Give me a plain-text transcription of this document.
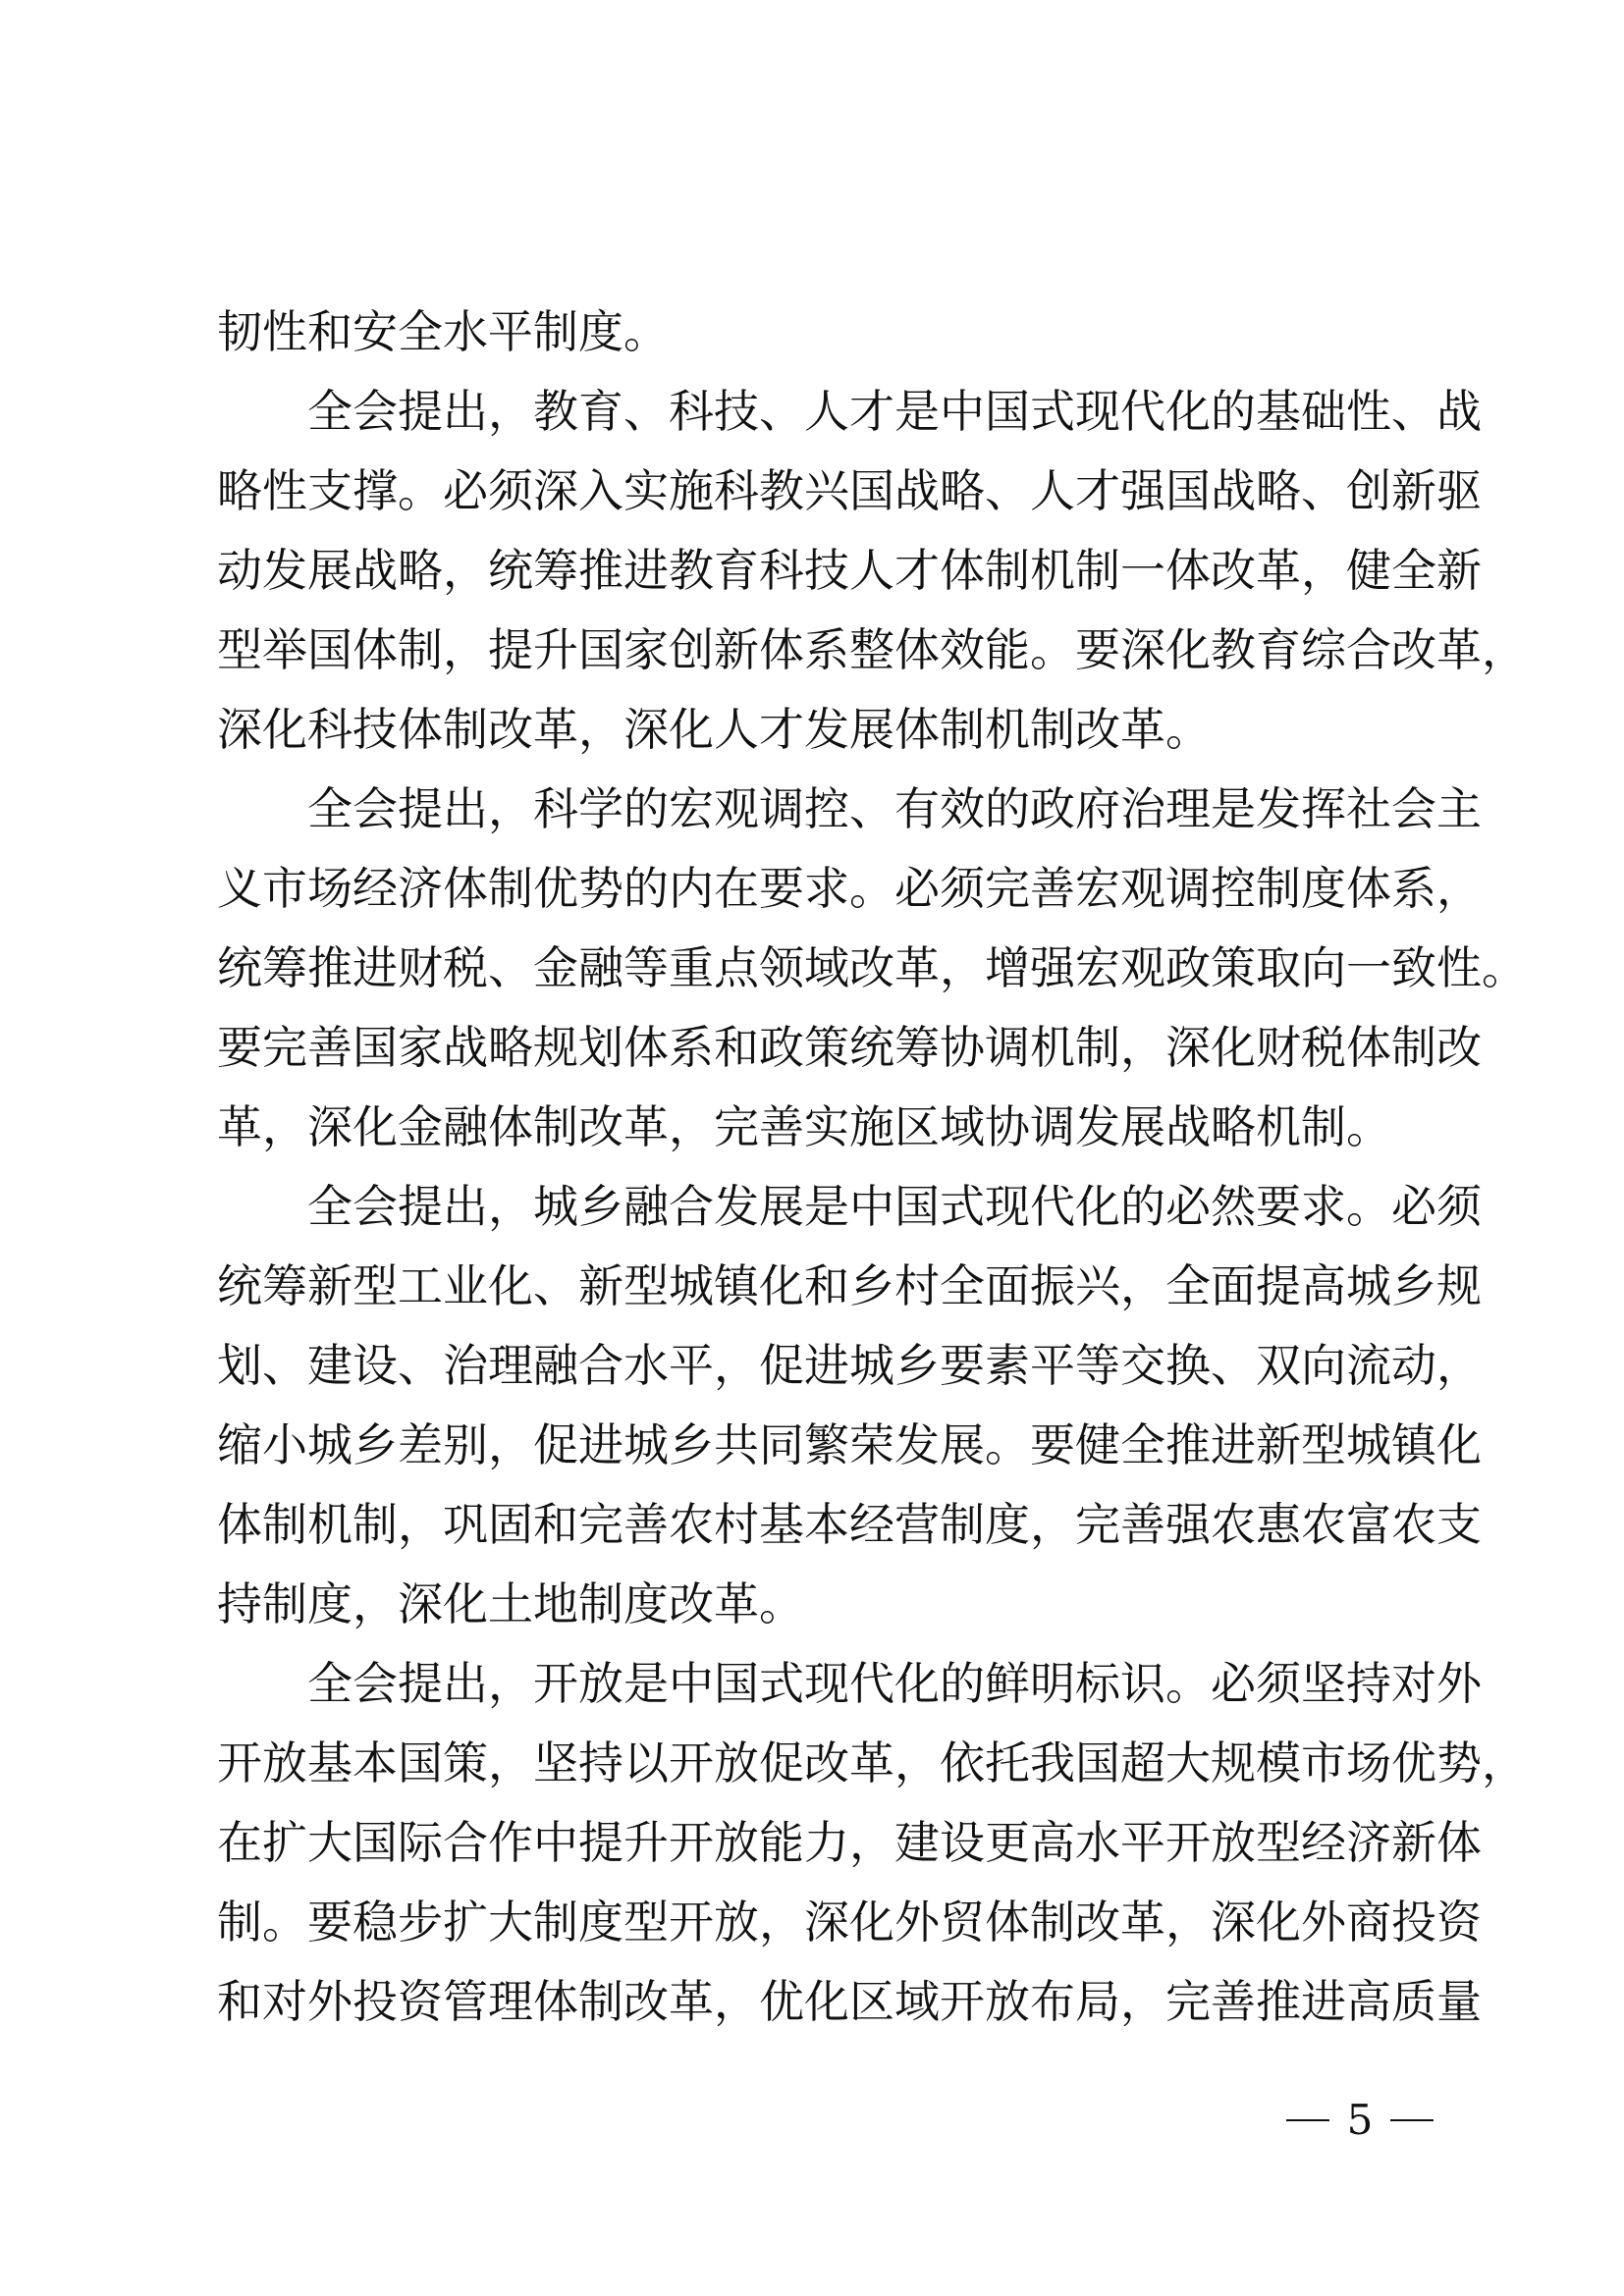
韧性和安全水平制度。
全会提出，教育、科技、人才是中国式现代化的基础性、战
略性支撑。必须深入实施科教兴国战略、人才强国战略、创新驱
动发展战略，统筹推进教育科技人才体制机制一体改革，健全新
型举国体制，提升国家创新体系整体效能。要深化教育综合改革，
深化科技体制改革，深化人才发展体制机制改革。
全会提出，科学的宏观调控、有效的政府治理是发挥社会主
义市场经济体制优势的内在要求。必须完善宏观调控制度体系，
统筹推进财税、金融等重点领域改革，增强宏观政策取向一致性。
要完善国家战略规划体系和政策统筹协调机制，深化财税体制改
革，深化金融体制改革，完善实施区域协调发展战略机制。
全会提出，城乡融合发展是中国式现代化的必然要求。必须
统筹新型工业化、新型城镇化和乡村全面振兴，全面提高城乡规
划、建设、治理融合水平，促进城乡要素平等交换、双向流动，
缩小城乡差别，促进城乡共同繁荣发展。要健全推进新型城镇化
体制机制，巩固和完善农村基本经营制度，完善强农惠农富农支
持制度，深化土地制度改革。
全会提出，开放是中国式现代化的鲜明标识。必须坚持对外
开放基本国策，坚持以开放促改革，依托我国超大规模市场优势，
在扩大国际合作中提升开放能力，建设更高水平开放型经济新体
制。要稳步扩大制度型开放，深化外贸体制改革，深化外商投资
和对外投资管理体制改革，优化区域开放布局，完善推进高质量
5
